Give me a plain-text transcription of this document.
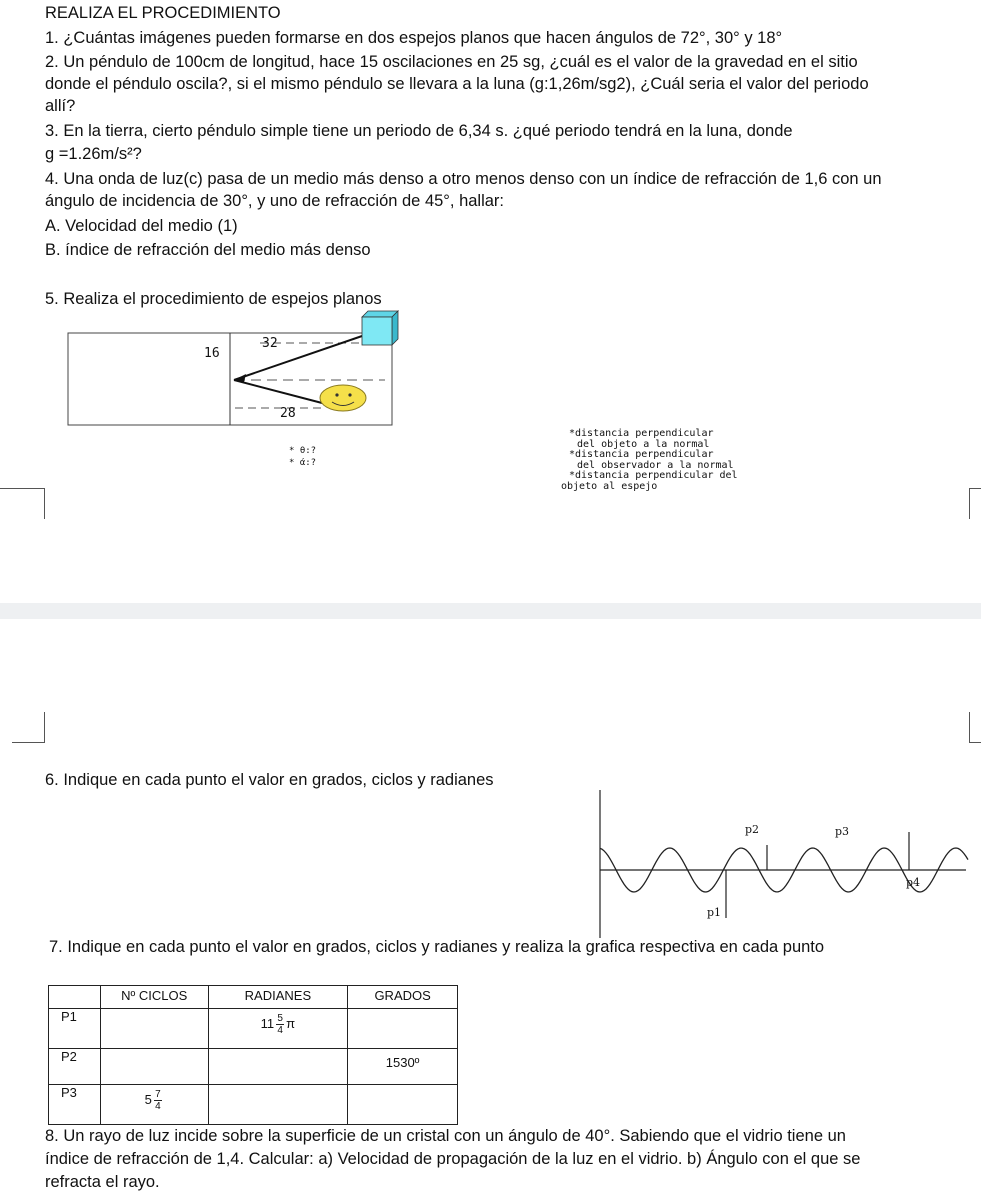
REALIZA EL PROCEDIMIENTO
1. ¿Cuántas imágenes pueden formarse en dos espejos planos que hacen ángulos de 72°, 30° y 18°
2. Un péndulo de 100cm de longitud, hace 15 oscilaciones en 25 sg, ¿cuál es el valor de la gravedad en el sitio
donde el péndulo oscila?, si el mismo péndulo se llevara a la luna (g:1,26m/sg2), ¿Cuál seria el valor del periodo
allí?
3. En la tierra, cierto péndulo simple tiene un periodo de 6,34 s. ¿qué periodo tendrá en la luna, donde
g =1.26m/s²?
4. Una onda de luz(c) pasa de un medio más denso a otro menos denso con un índice de refracción de 1,6 con un
ángulo de incidencia de 30°, y uno de refracción de 45°, hallar:
A. Velocidad del medio (1)
B. índice de refracción del medio más denso
5. Realiza el procedimiento de espejos planos
16
32
28
* θ:?
* ά:?
*distancia perpendicular
del objeto a la normal
*distancia perpendicular
del observador a la normal
*distancia perpendicular del
objeto al espejo
6. Indique en cada punto el valor en grados, ciclos y radianes
p2	p3
p4
p1
7. Indique en cada punto el valor en grados, ciclos y radianes y realiza la grafica respectiva en cada punto
	Nº CICLOS	RADIANES	GRADOS
P1		$11 \frac{5}{4}$ π	
P2			1530º
P3	$5 \frac{7}{4}$

8. Un rayo de luz incide sobre la superficie de un cristal con un ángulo de 40°. Sabiendo que el vidrio tiene un
índice de refracción de 1,4. Calcular: a) Velocidad de propagación de la luz en el vidrio. b) Ángulo con el que se
refracta el rayo.
